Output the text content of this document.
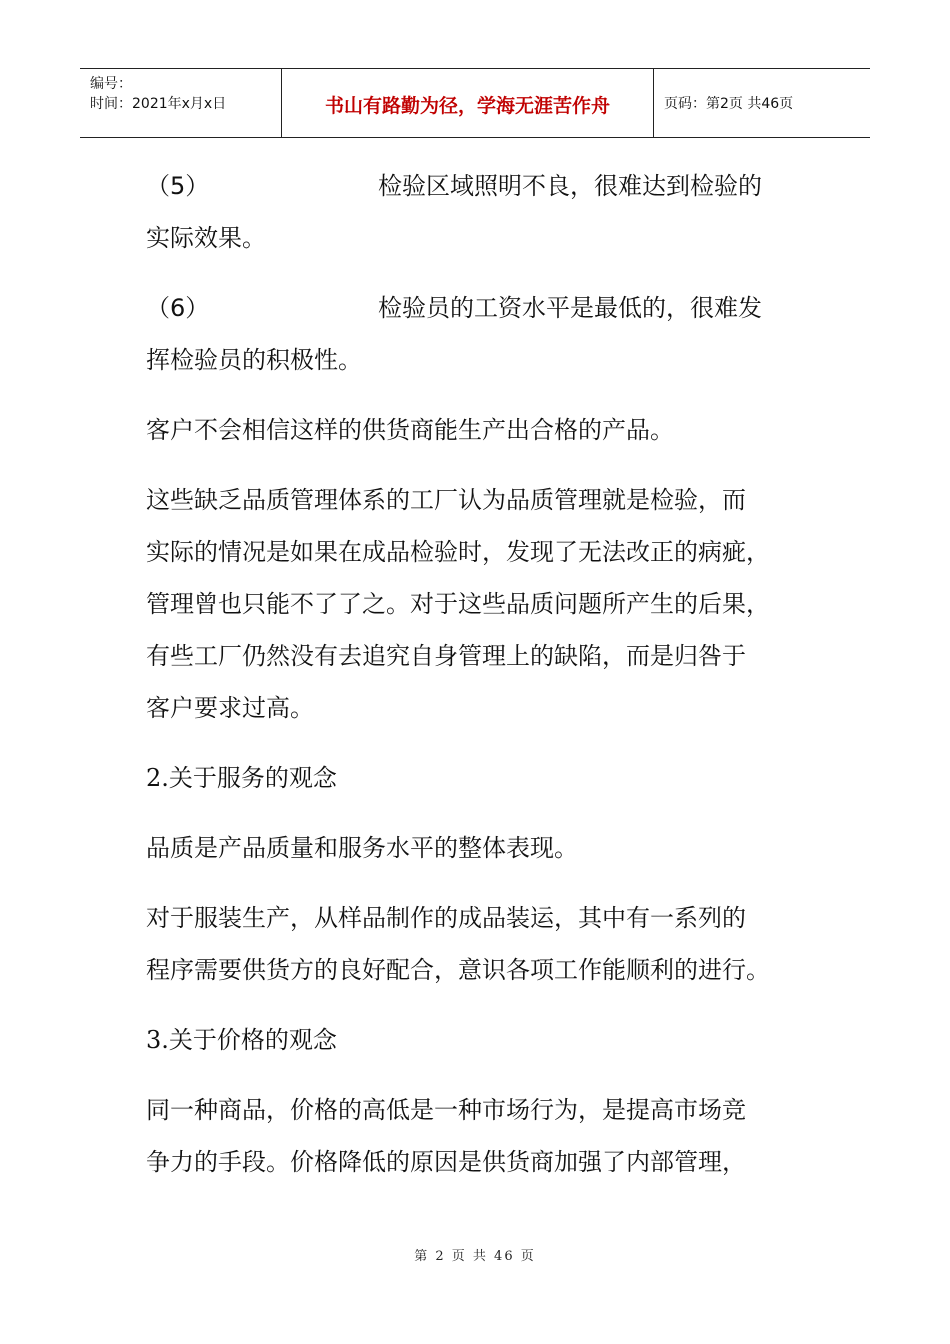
编号：
时间：2021年x月x日	书山有路勤为径，学海无涯苦作舟	页码：第2页 共46页

（5）	检验区域照明不良，很难达到检验的
实际效果。

（6）	检验员的工资水平是最低的，很难发
挥检验员的积极性。

客户不会相信这样的供货商能生产出合格的产品。

这些缺乏品质管理体系的工厂认为品质管理就是检验，而
实际的情况是如果在成品检验时，发现了无法改正的病疵，
管理曾也只能不了了之。对于这些品质问题所产生的后果，
有些工厂仍然没有去追究自身管理上的缺陷，而是归咎于
客户要求过高。

2.关于服务的观念

品质是产品质量和服务水平的整体表现。

对于服装生产，从样品制作的成品装运，其中有一系列的
程序需要供货方的良好配合，意识各项工作能顺利的进行。

3.关于价格的观念

同一种商品，价格的高低是一种市场行为，是提高市场竞
争力的手段。价格降低的原因是供货商加强了内部管理，

第 2 页 共 46 页
